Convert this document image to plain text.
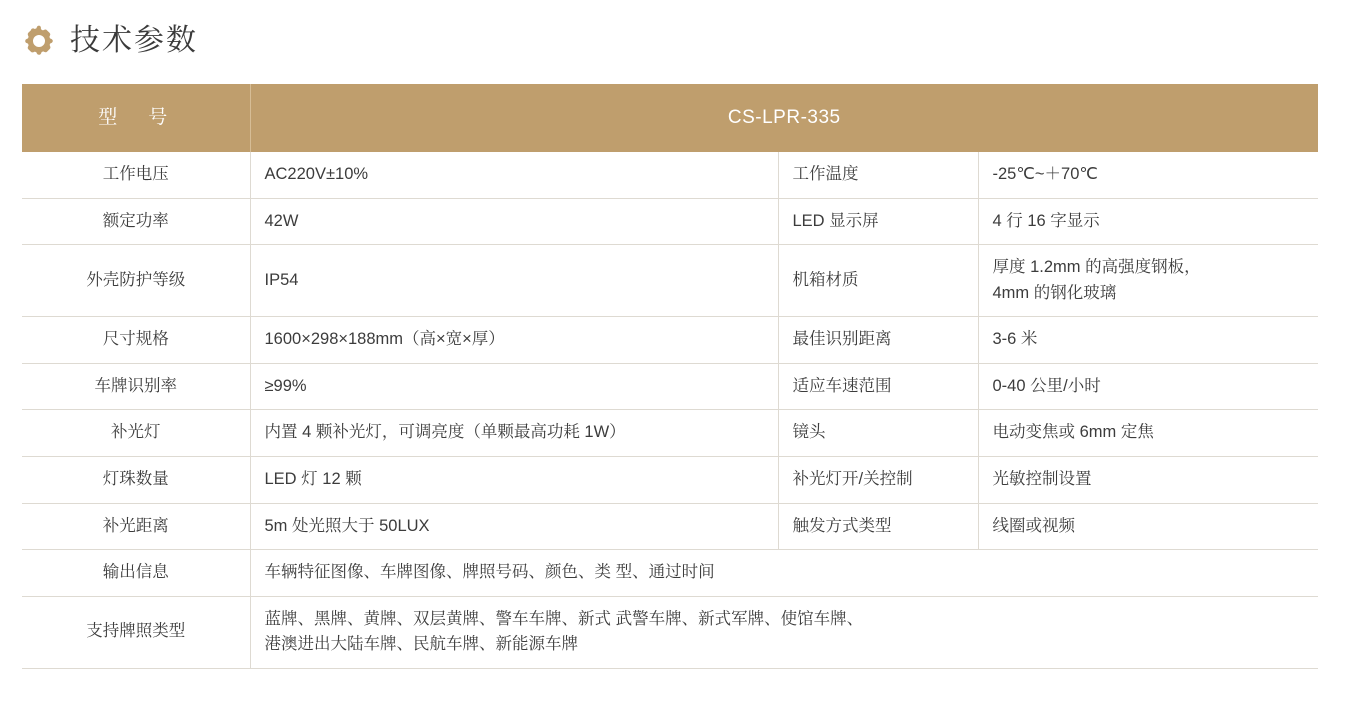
技术参数
型　号	CS-LPR-335		
工作电压	AC220V±10%	工作温度	-25℃~＋70℃
额定功率	42W	LED 显示屏	4 行 16 字显示
外壳防护等级	IP54	机箱材质	厚度 1.2mm 的高强度钢板，
4mm 的钢化玻璃

尺寸规格	1600×298×188mm（高×宽×厚）	最佳识别距离	3-6 米
车牌识别率	≥99%	适应车速范围	0-40 公里/小时
补光灯	内置 4 颗补光灯，可调亮度（单颗最高功耗 1W）	镜头	电动变焦或 6mm 定焦
灯珠数量	LED 灯 12 颗	补光灯开/关控制	光敏控制设置
补光距离	5m 处光照大于 50LUX	触发方式类型	线圈或视频
输出信息	车辆特征图像、车牌图像、牌照号码、颜色、类 型、通过时间		
支持牌照类型	蓝牌、黑牌、黄牌、双层黄牌、警车车牌、新式 武警车牌、新式军牌、使馆车牌、
港澳进出大陆车牌、民航车牌、新能源车牌		
